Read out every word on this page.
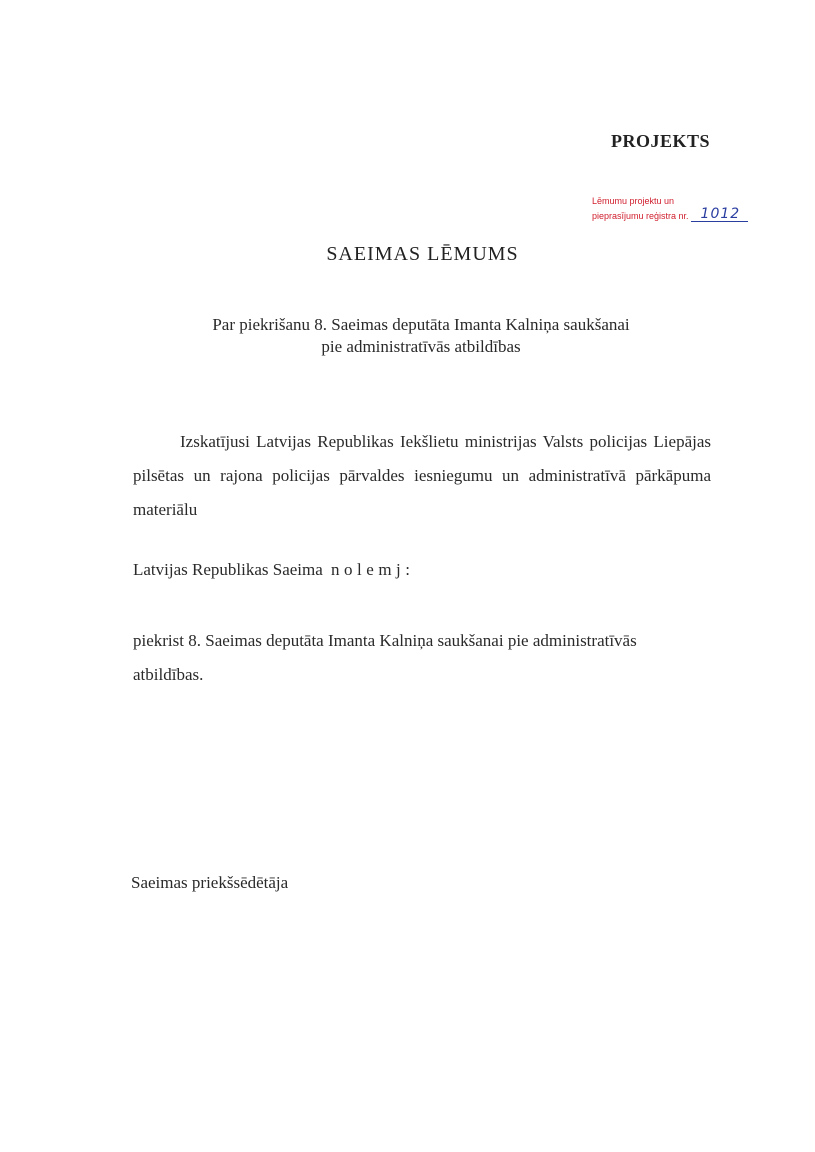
PROJEKTS
Lēmumu projektu un
pieprasījumu reģistra nr. 1012
SAEIMAS LĒMUMS
Par piekrišanu 8. Saeimas deputāta Imanta Kalniņa saukšanai
pie administratīvās atbildības
Izskatījusi Latvijas Republikas Iekšlietu ministrijas Valsts policijas Liepājas pilsētas un rajona policijas pārvaldes iesniegumu un administratīvā pārkāpuma materiālu
Latvijas Republikas Saeima nolemj:
piekrist 8. Saeimas deputāta Imanta Kalniņa saukšanai pie administratīvās atbildības.
Saeimas priekšsēdētāja
